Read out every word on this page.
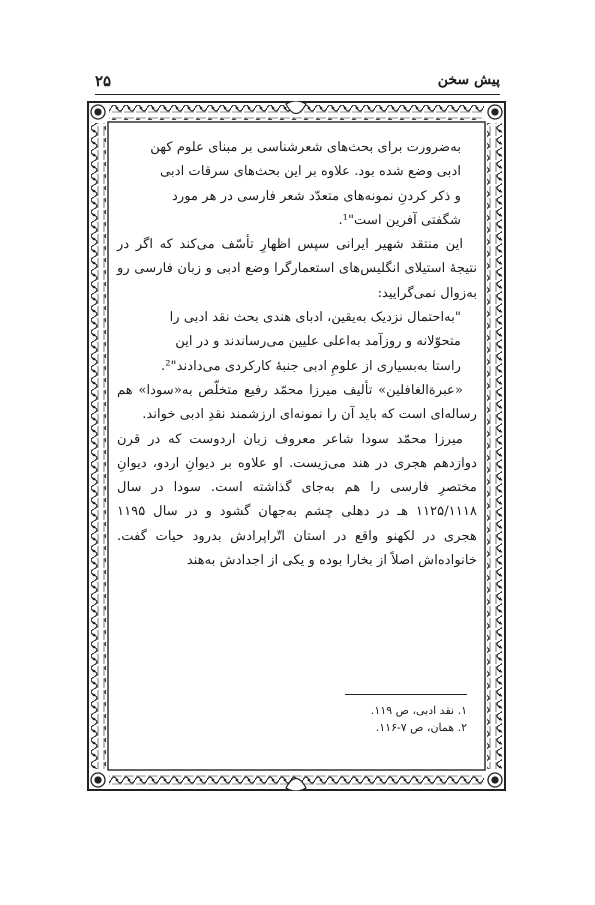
۲۵	پیش سخن

به‌ضرورت برای بحث‌های شعرشناسی بر مبنای علوم کهن

ادبی وضع شده بود. علاوه بر این بحث‌های سرقات ادبی

و ذکر کردنِ نمونه‌های متعدّد شعر فارسی در هر مورد

شگفتی آفرین است"¹.

این منتقد شهیر ایرانی سپس اظهارِ تأسّف می‌کند که اگر در نتیجهٔ استیلای انگلیس‌های استعمارگرا وضع ادبی و زبان فارسی رو به‌زوال نمی‌گرایید:

"به‌احتمال نزدیک به‌یقین، ادبای هندی بحث نقد ادبی را

متحوّلانه و روزآمد به‌اعلی علیین می‌رساندند و در این

راستا به‌بسیاری از علومِ ادبی جنبهٔ کارکردی می‌دادند"².

«عبرة‌الغافلین» تألیف میرزا محمّد رفیع متخلّص به«سودا» هم رساله‌ای است که باید آن را نمونه‌ای ارزشمند نقدِ ادبی خواند.

میرزا محمّد سودا شاعر معروف زبان اردوست که در قرن دوازدهم هجری در هند می‌زیست. او علاوه بر دیوانِ اردو، دیوانِ مختصرِ فارسی را هم به‌جای گذاشته است. سودا در سال ۱۱۲۵/۱۱۱۸ هـ در دهلی چشم به‌جهان گشود و در سال ۱۱۹۵ هجری در لکهنو واقع در استان اتّراپرادش بدرود حیات گفت. خانواده‌اش اصلاً از بخارا بوده و یکی از اجدادش به‌هند

۱. نقد ادبی، ص ۱۱۹.
۲. همان، ص ۷-۱۱۶.
